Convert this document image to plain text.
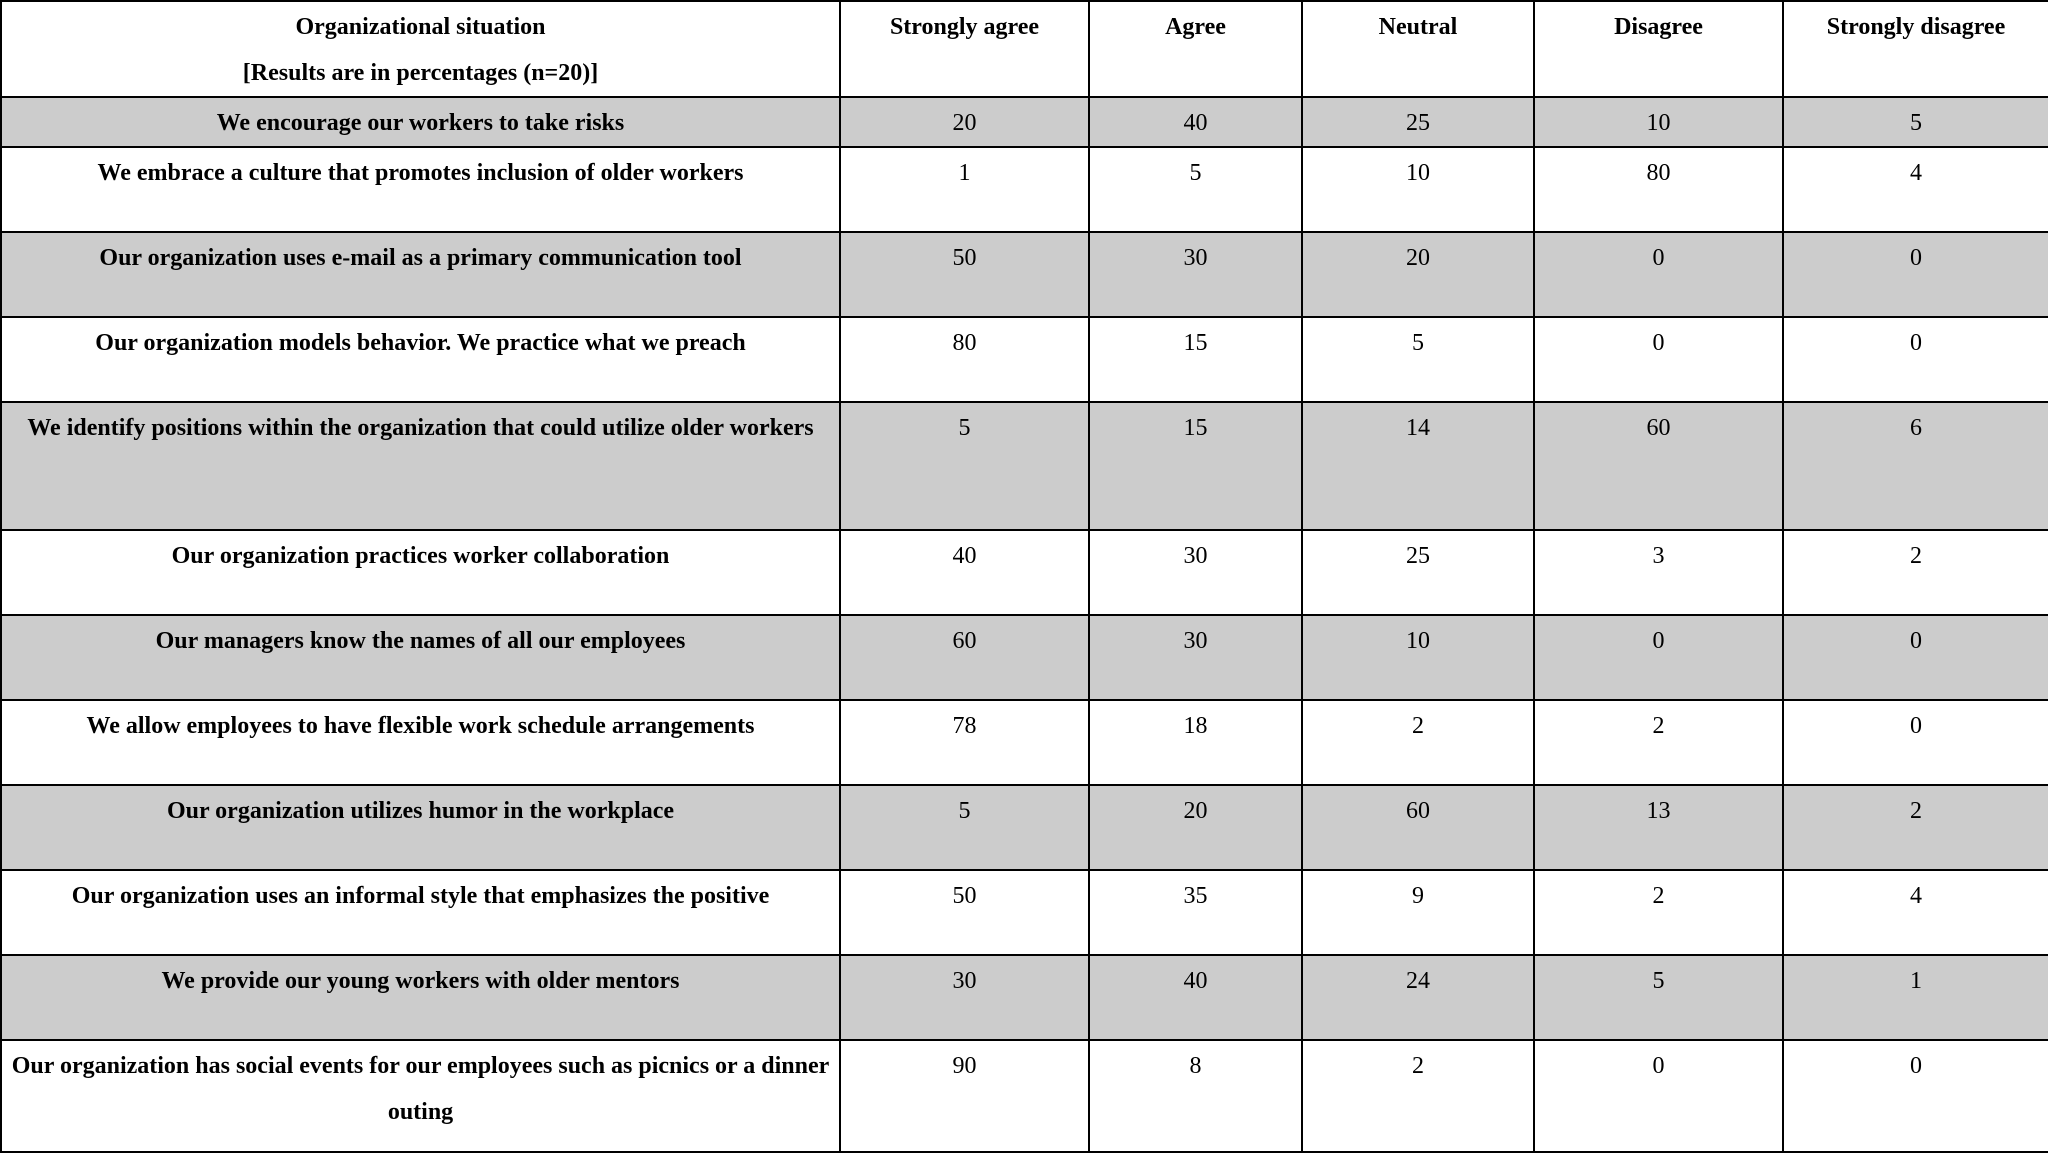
Organizational situation
[Results are in percentages (n=20)]	Strongly agree	Agree	Neutral	Disagree	Strongly disagree
We encourage our workers to take risks	20	40	25	10	5
We embrace a culture that promotes inclusion of older workers	1	5	10	80	4
Our organization uses e-mail as a primary communication tool	50	30	20	0	0
Our organization models behavior. We practice what we preach	80	15	5	0	0
We identify positions within the organization that could utilize older workers	5	15	14	60	6
Our organization practices worker collaboration	40	30	25	3	2
Our managers know the names of all our employees	60	30	10	0	0
We allow employees to have flexible work schedule arrangements	78	18	2	2	0
Our organization utilizes humor in the workplace	5	20	60	13	2
Our organization uses an informal style that emphasizes the positive	50	35	9	2	4
We provide our young workers with older mentors	30	40	24	5	1
Our organization has social events for our employees such as picnics or a dinner outing	90	8	2	0	0
